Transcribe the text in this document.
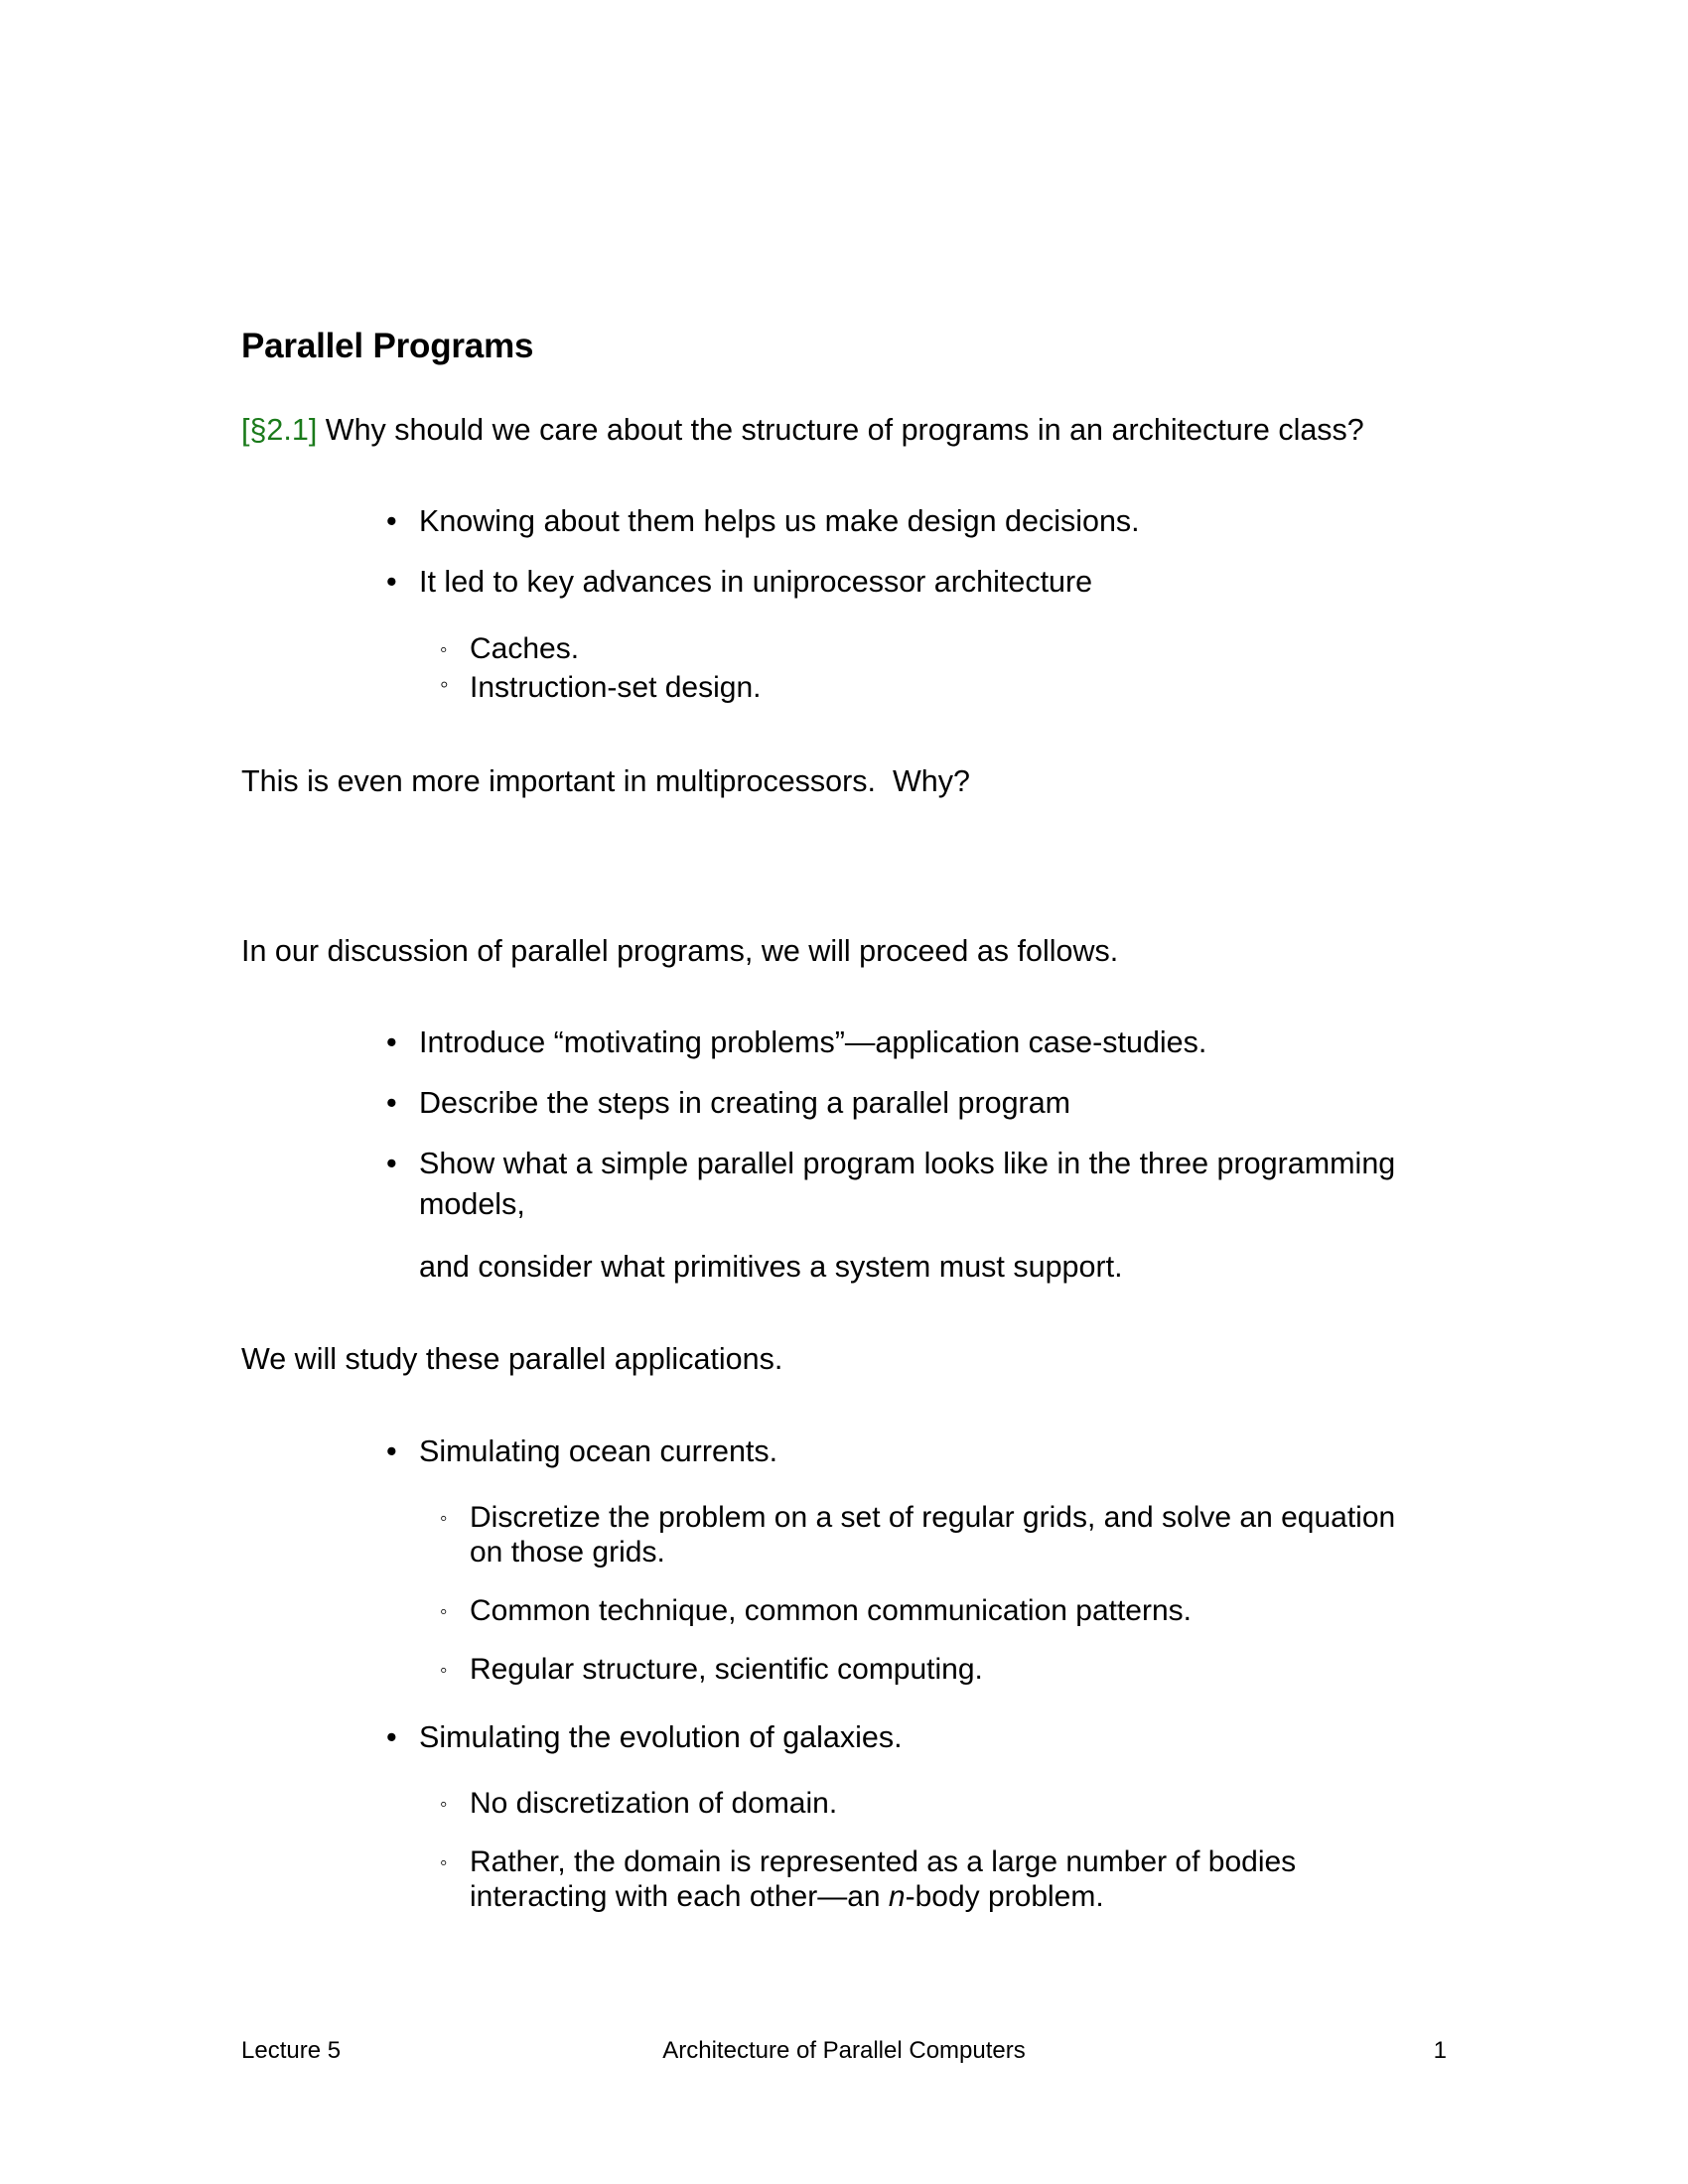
Parallel Programs

[§2.1] Why should we care about the structure of programs in an architecture class?

• Knowing about them helps us make design decisions.
• It led to key advances in uniprocessor architecture
◦ Caches.
◦ Instruction-set design.

This is even more important in multiprocessors.  Why?

In our discussion of parallel programs, we will proceed as follows.

• Introduce “motivating problems”—application case-studies.
• Describe the steps in creating a parallel program
• Show what a simple parallel program looks like in the three programming models,
and consider what primitives a system must support.

We will study these parallel applications.

• Simulating ocean currents.
◦ Discretize the problem on a set of regular grids, and solve an equation on those grids.
◦ Common technique, common communication patterns.
◦ Regular structure, scientific computing.
• Simulating the evolution of galaxies.
◦ No discretization of domain.
◦ Rather, the domain is represented as a large number of bodies interacting with each other—an n-body problem.
Lecture 5	Architecture of Parallel Computers	1
